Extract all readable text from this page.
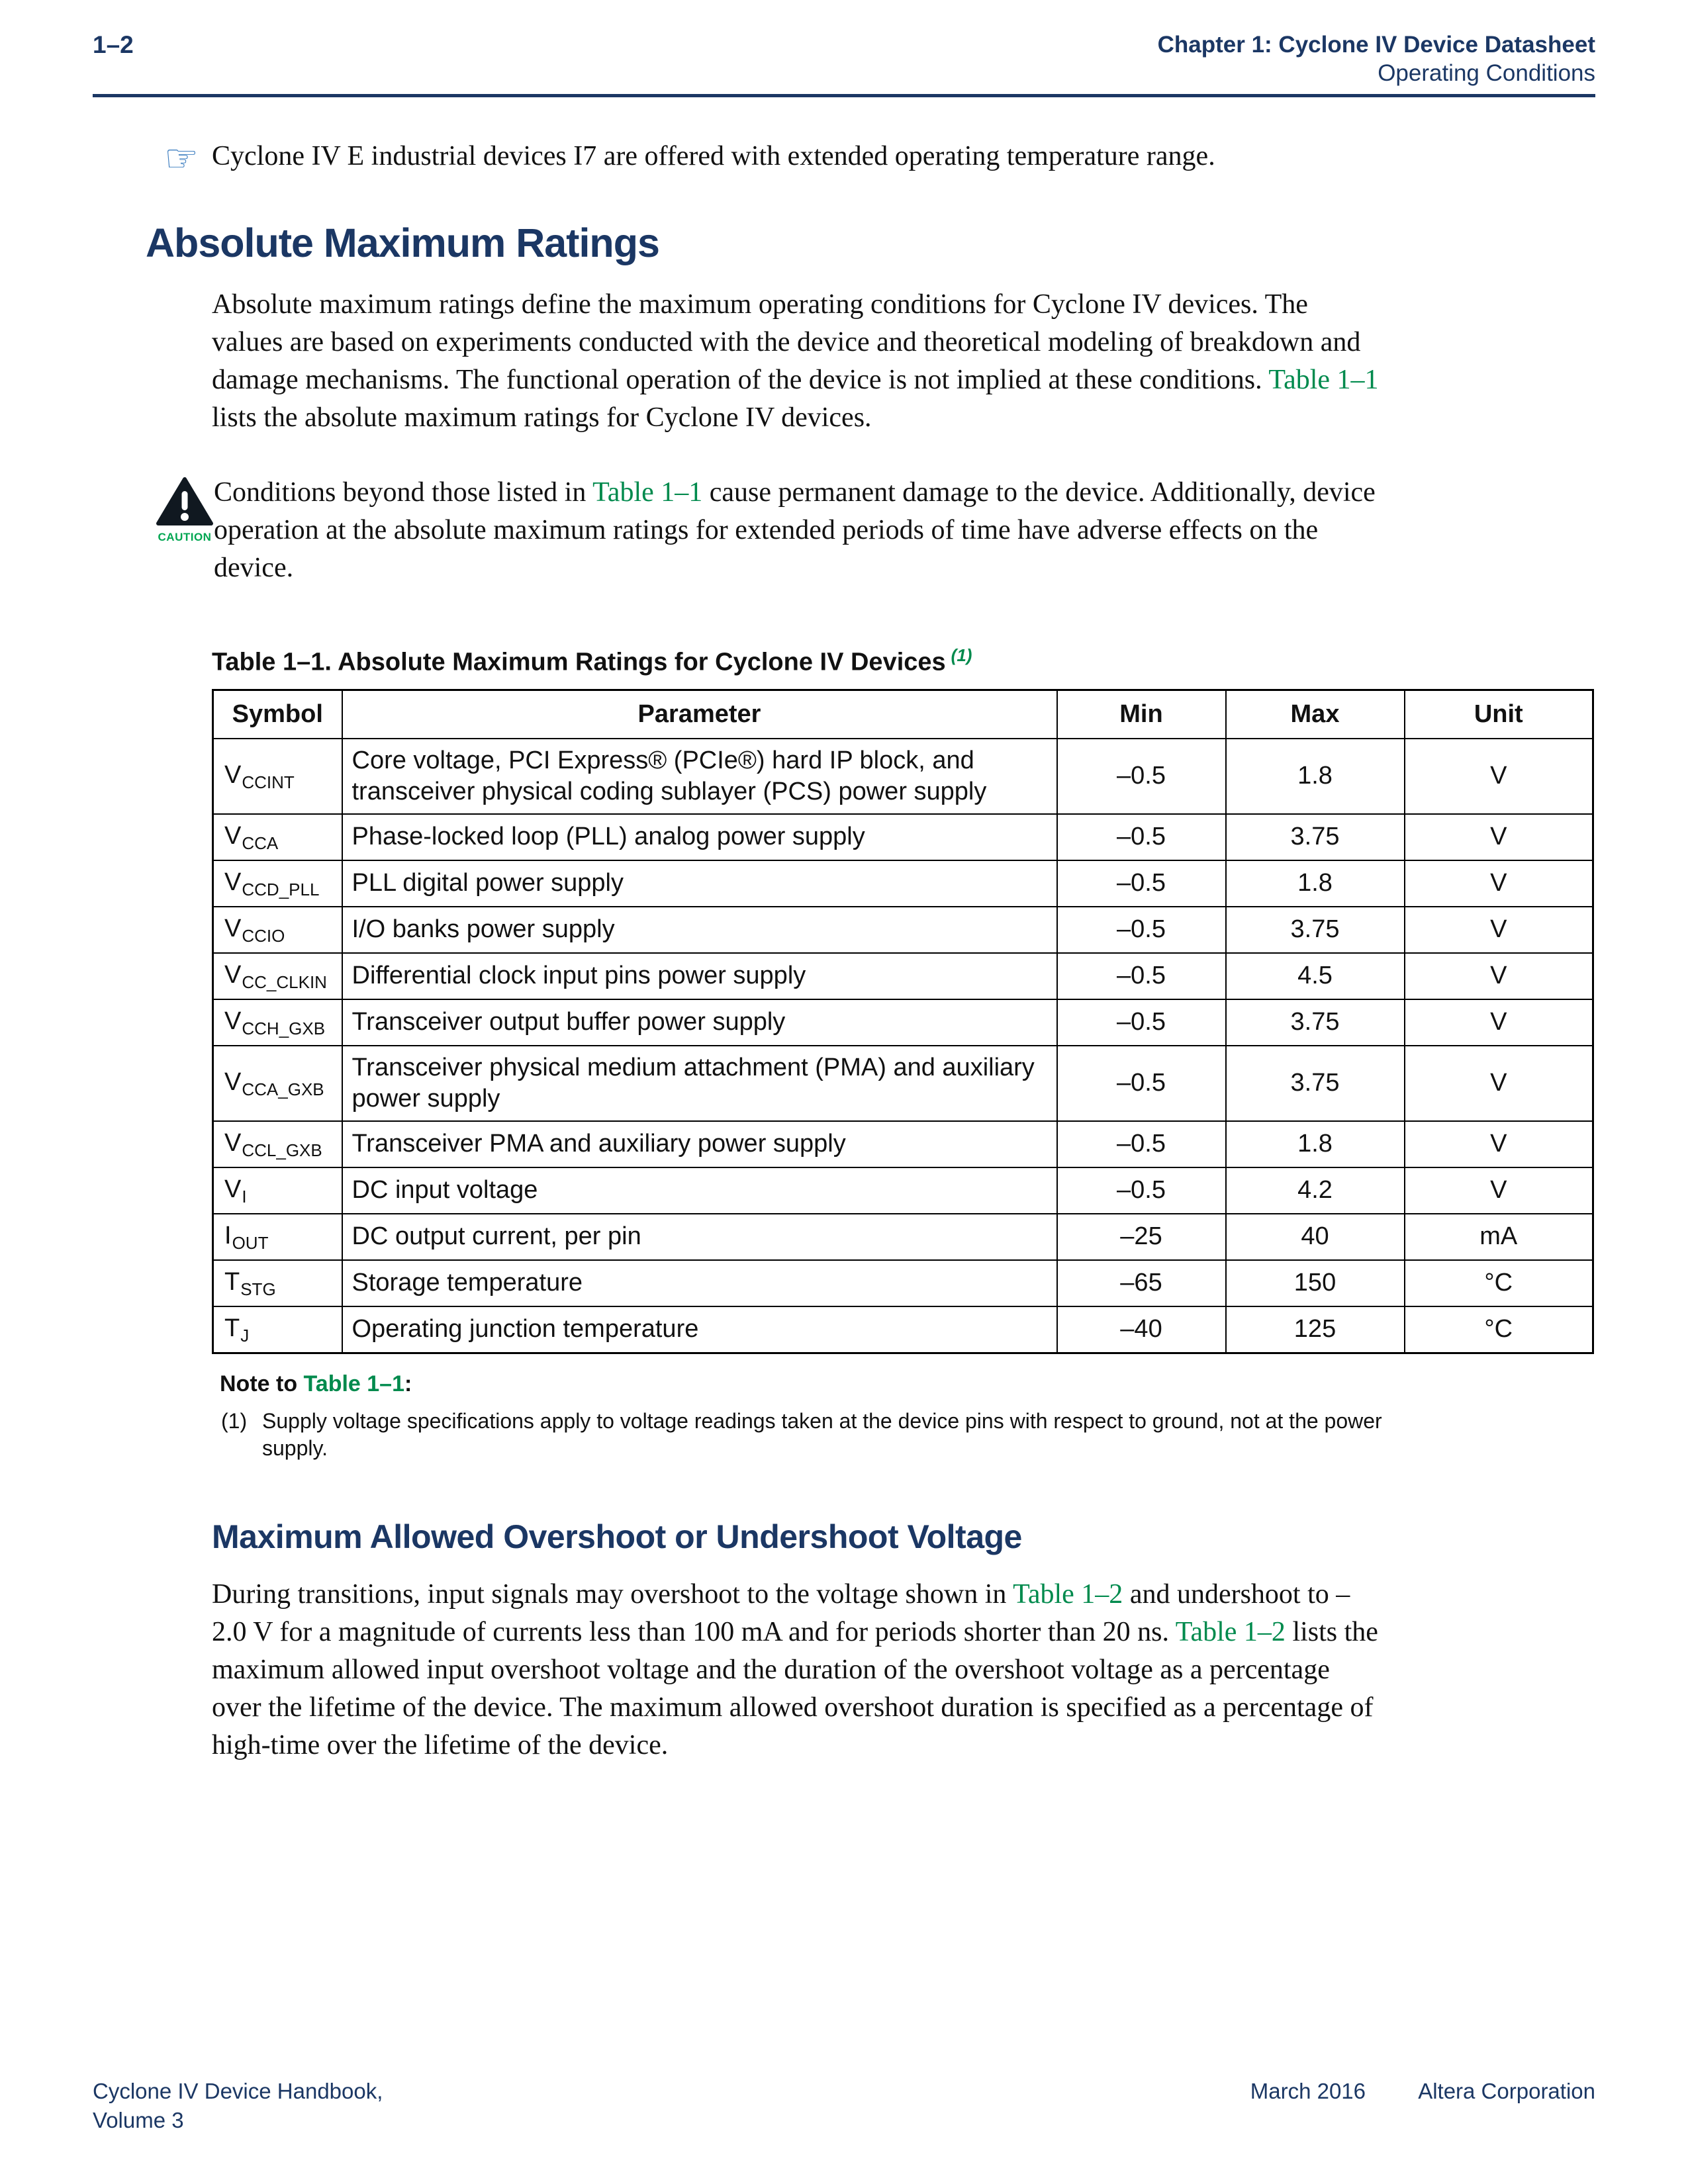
1–2	Chapter 1: Cyclone IV Device Datasheet
Operating Conditions
☞ Cyclone IV E industrial devices I7 are offered with extended operating temperature range.

Absolute Maximum Ratings

Absolute maximum ratings define the maximum operating conditions for Cyclone IV devices. The values are based on experiments conducted with the device and theoretical modeling of breakdown and damage mechanisms. The functional operation of the device is not implied at these conditions. Table 1–1 lists the absolute maximum ratings for Cyclone IV devices.

CAUTION

Conditions beyond those listed in Table 1–1 cause permanent damage to the device. Additionally, device operation at the absolute maximum ratings for extended periods of time have adverse effects on the device.

Table 1–1. Absolute Maximum Ratings for Cyclone IV Devices $^{(1)}$
Symbol	Parameter	Min	Max	Unit
$V_{CCINT}$	Core voltage, PCI Express® (PCIe®) hard IP block, and transceiver physical coding sublayer (PCS) power supply	–0.5	1.8	V
$V_{CCA}$	Phase-locked loop (PLL) analog power supply	–0.5	3.75	V
$V_{CCD\_PLL}$	PLL digital power supply	–0.5	1.8	V
$V_{CCIO}$	I/O banks power supply	–0.5	3.75	V
$V_{CC\_CLKIN}$	Differential clock input pins power supply	–0.5	4.5	V
$V_{CCH\_GXB}$	Transceiver output buffer power supply	–0.5	3.75	V
$V_{CCA\_GXB}$	Transceiver physical medium attachment (PMA) and auxiliary power supply	–0.5	3.75	V
$V_{CCL\_GXB}$	Transceiver PMA and auxiliary power supply	–0.5	1.8	V
$V_I$	DC input voltage	–0.5	4.2	V
$I_{OUT}$	DC output current, per pin	–25	40	mA
$T_{STG}$	Storage temperature	–65	150	°C
$T_J$	Operating junction temperature	–40	125	°C
Note to Table 1–1:
(1) Supply voltage specifications apply to voltage readings taken at the device pins with respect to ground, not at the power supply.
Maximum Allowed Overshoot or Undershoot Voltage

During transitions, input signals may overshoot to the voltage shown in Table 1–2 and undershoot to –2.0 V for a magnitude of currents less than 100 mA and for periods shorter than 20 ns. Table 1–2 lists the maximum allowed input overshoot voltage and the duration of the overshoot voltage as a percentage over the lifetime of the device. The maximum allowed overshoot duration is specified as a percentage of high-time over the lifetime of the device.

Cyclone IV Device Handbook,
Volume 3
March 2016 Altera Corporation
